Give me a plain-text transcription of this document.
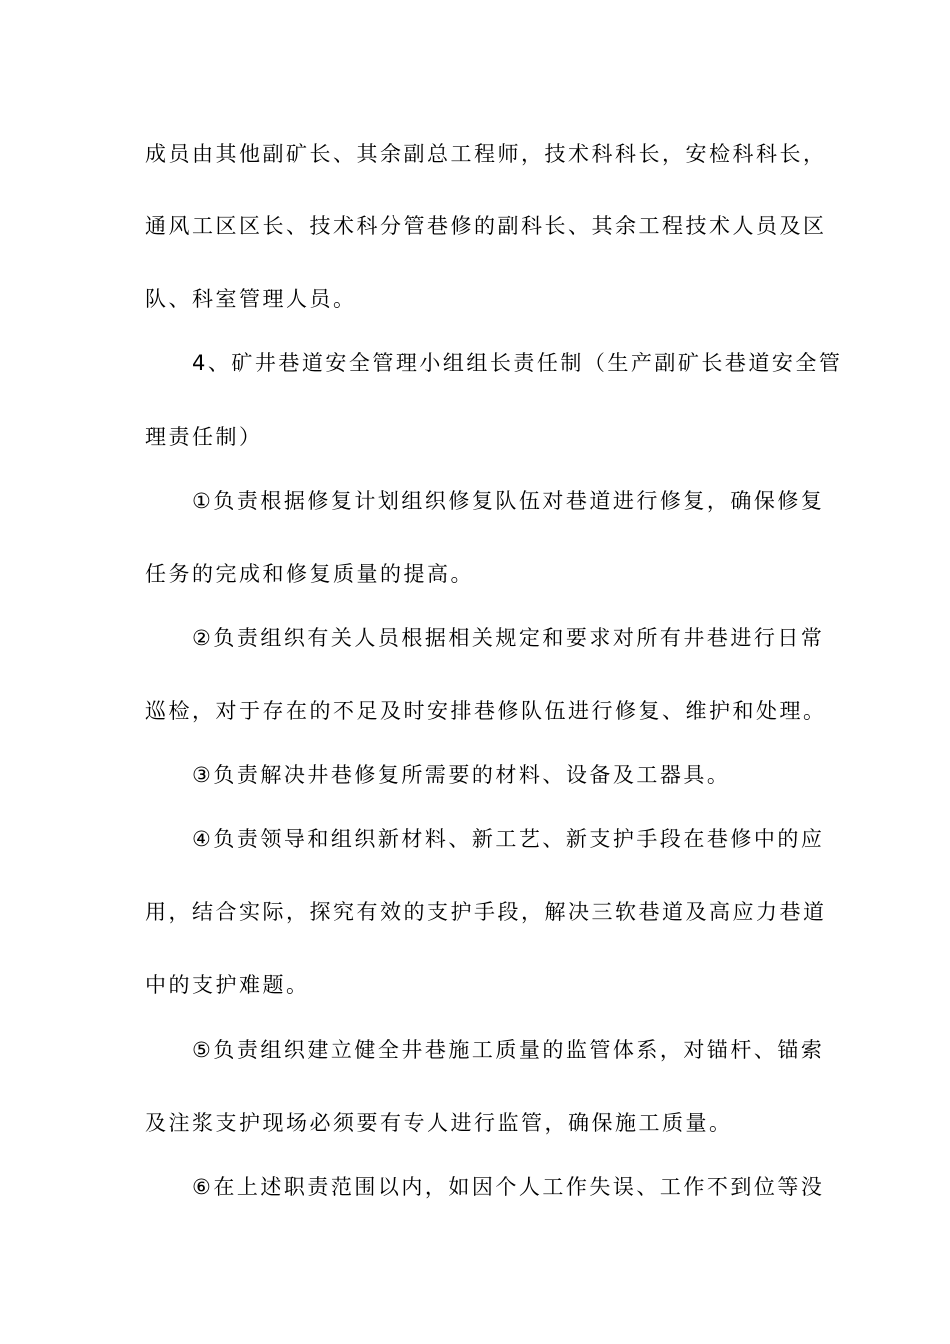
成员由其他副矿长、其余副总工程师，技术科科长，安检科科长，
通风工区区长、技术科分管巷修的副科长、其余工程技术人员及区
队、科室管理人员。
4、矿井巷道安全管理小组组长责任制（生产副矿长巷道安全管
理责任制）
①负责根据修复计划组织修复队伍对巷道进行修复，确保修复
任务的完成和修复质量的提高。
②负责组织有关人员根据相关规定和要求对所有井巷进行日常
巡检，对于存在的不足及时安排巷修队伍进行修复、维护和处理。
③负责解决井巷修复所需要的材料、设备及工器具。
④负责领导和组织新材料、新工艺、新支护手段在巷修中的应
用，结合实际，探究有效的支护手段，解决三软巷道及高应力巷道
中的支护难题。
⑤负责组织建立健全井巷施工质量的监管体系，对锚杆、锚索
及注浆支护现场必须要有专人进行监管，确保施工质量。
⑥在上述职责范围以内，如因个人工作失误、工作不到位等没
